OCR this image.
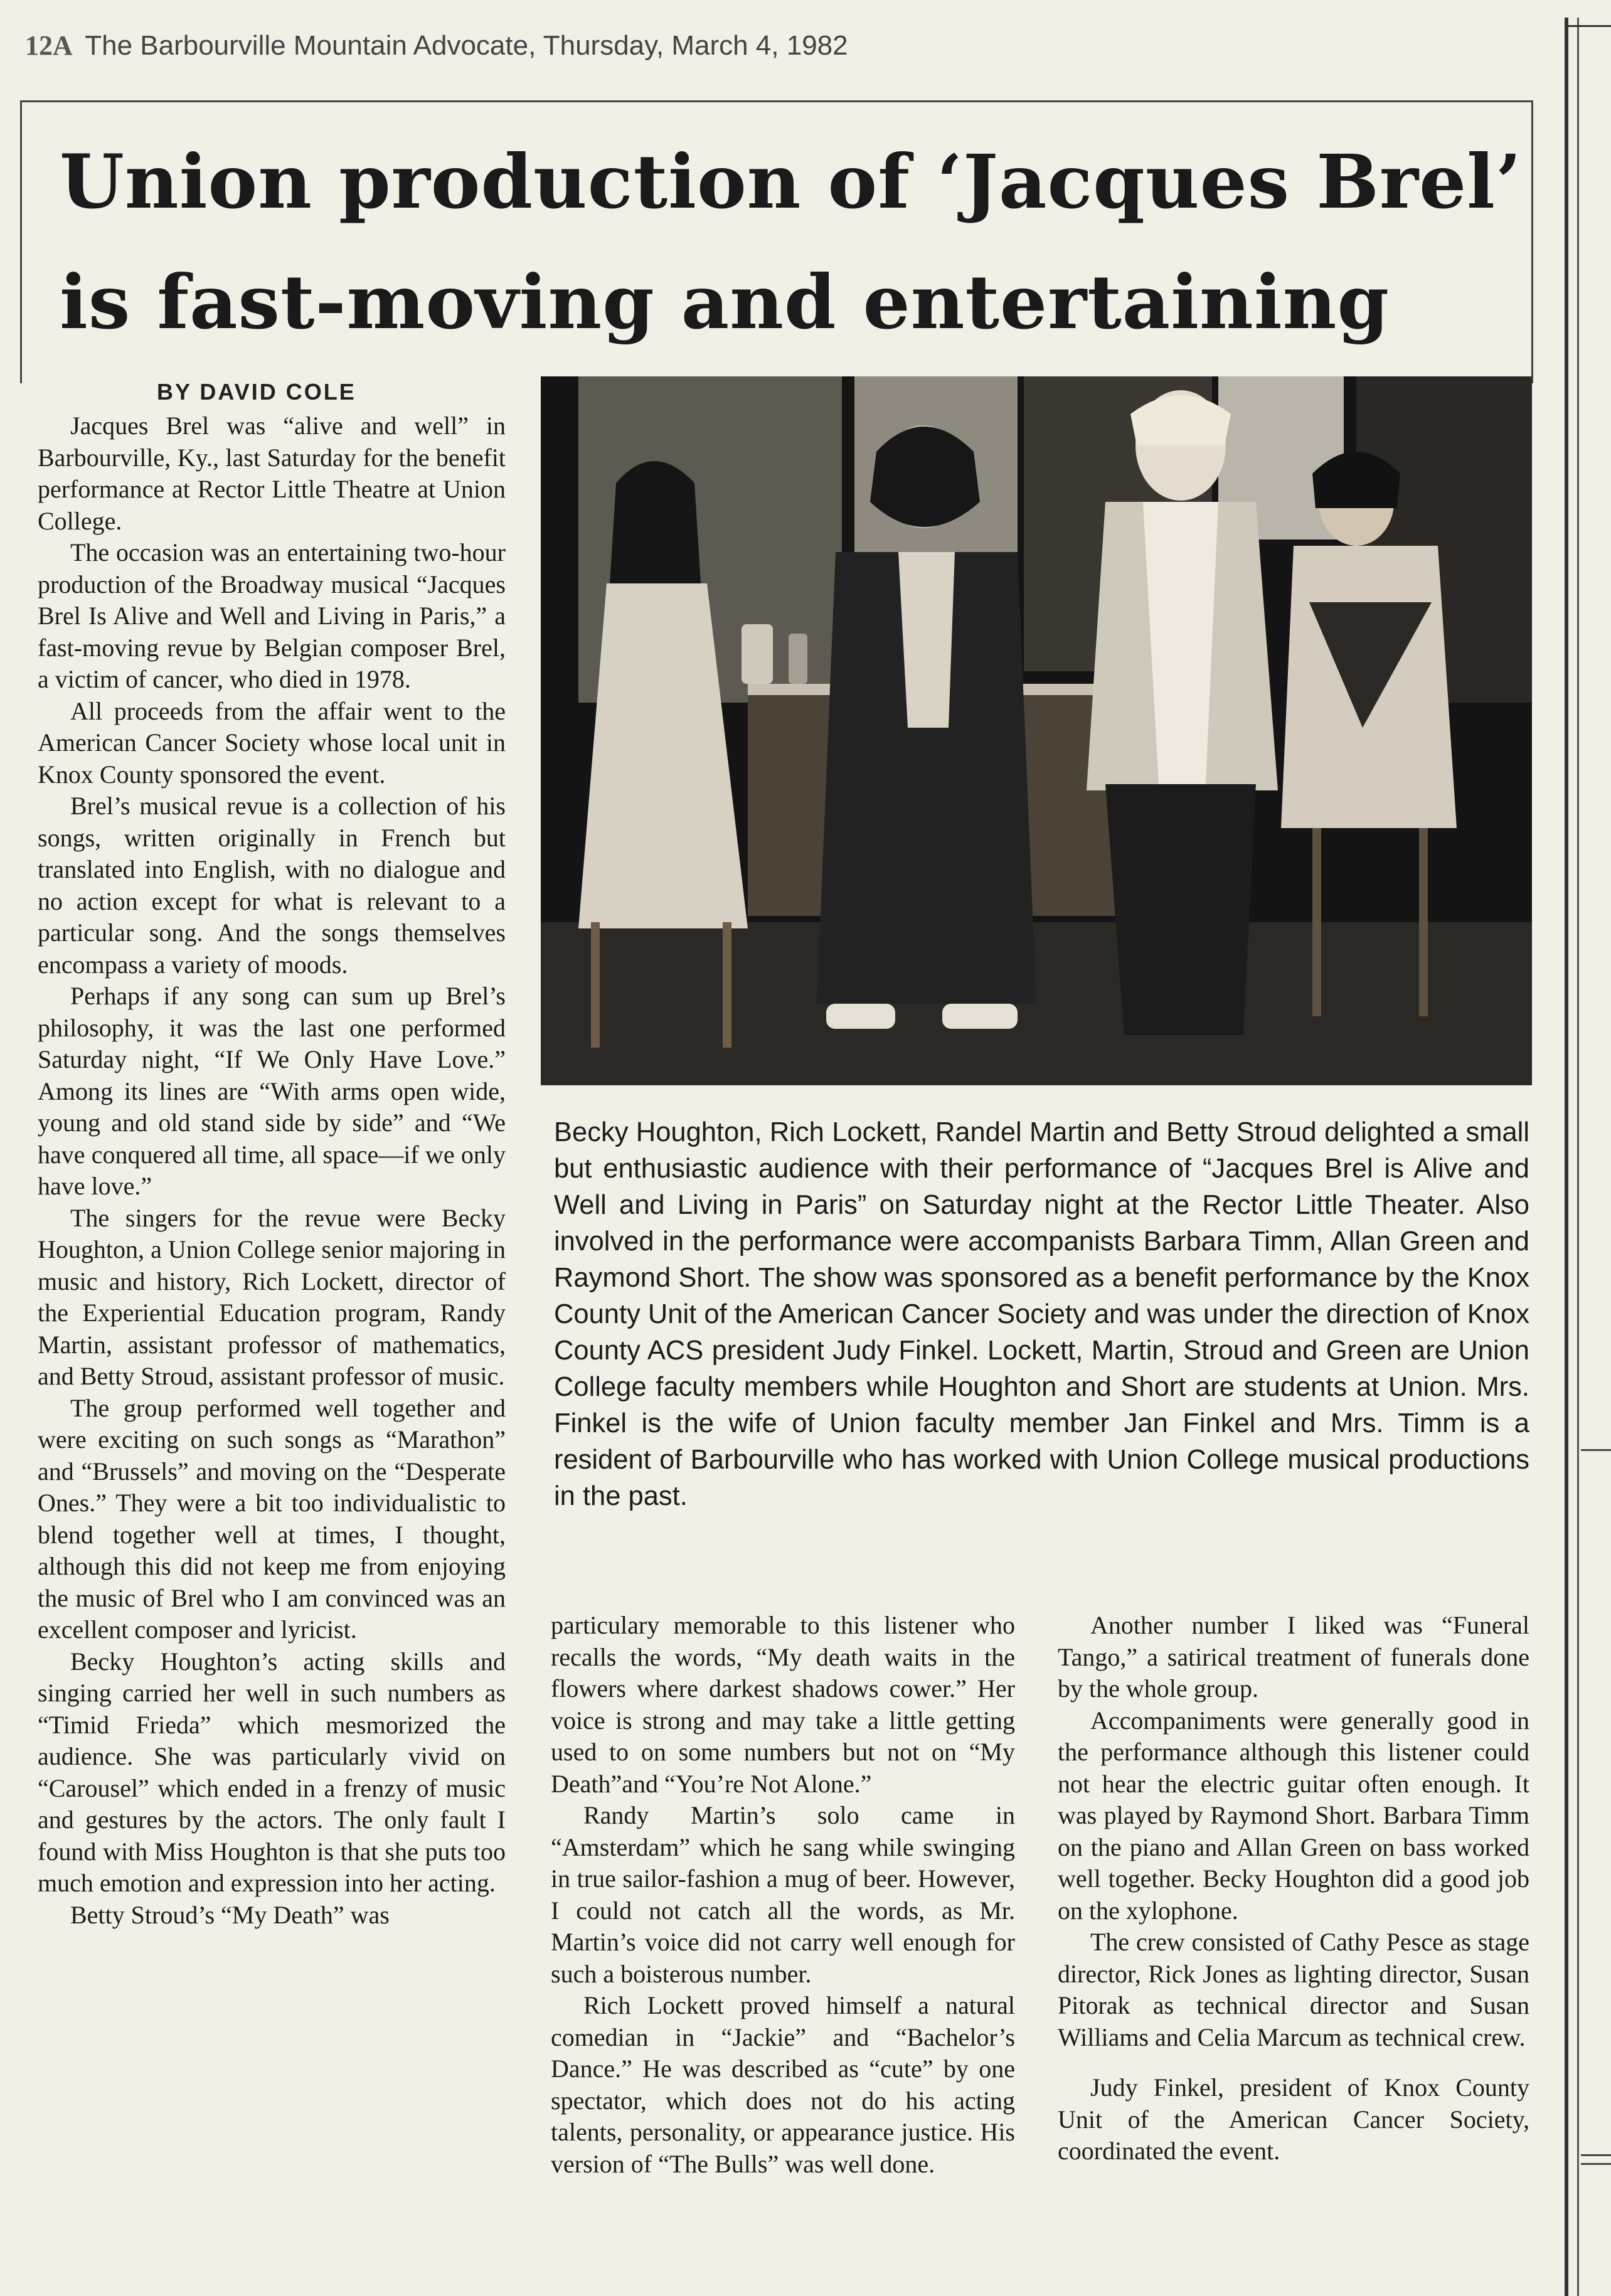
12A The Barbourville Mountain Advocate, Thursday, March 4, 1982
Union production of ‘Jacques Brel’
is fast-moving and entertaining
BY DAVID COLE

Jacques Brel was “alive and well” in Barbourville, Ky., last Saturday for the benefit performance at Rector Little Theatre at Union College.

The occasion was an entertaining two-hour production of the Broadway musical “Jacques Brel Is Alive and Well and Living in Paris,” a fast-moving revue by Belgian composer Brel, a victim of cancer, who died in 1978.

All proceeds from the affair went to the American Cancer Society whose local unit in Knox County sponsored the event.

Brel’s musical revue is a collection of his songs, written originally in French but translated into English, with no dialogue and no action except for what is relevant to a particular song. And the songs themselves encompass a variety of moods.

Perhaps if any song can sum up Brel’s philosophy, it was the last one performed Saturday night, “If We Only Have Love.” Among its lines are “With arms open wide, young and old stand side by side” and “We have conquered all time, all space—if we only have love.”

The singers for the revue were Becky Houghton, a Union College senior majoring in music and history, Rich Lockett, director of the Experiential Education program, Randy Martin, assistant professor of mathematics, and Betty Stroud, assistant professor of music.

The group performed well together and were exciting on such songs as “Marathon” and “Brussels” and moving on the “Desperate Ones.” They were a bit too individualistic to blend together well at times, I thought, although this did not keep me from enjoying the music of Brel who I am convinced was an excellent composer and lyricist.

Becky Houghton’s acting skills and singing carried her well in such numbers as “Timid Frieda” which mesmorized the audience. She was particularly vivid on “Carousel” which ended in a frenzy of music and gestures by the actors. The only fault I found with Miss Houghton is that she puts too much emotion and expression into her acting.

Betty Stroud’s “My Death” was

Becky Houghton, Rich Lockett, Randel Martin and Betty Stroud delighted a small but enthusiastic audience with their performance of “Jacques Brel is Alive and Well and Living in Paris” on Saturday night at the Rector Little Theater. Also involved in the performance were accompanists Barbara Timm, Allan Green and Raymond Short. The show was sponsored as a benefit performance by the Knox County Unit of the American Cancer Society and was under the direction of Knox County ACS president Judy Finkel. Lockett, Martin, Stroud and Green are Union College faculty members while Houghton and Short are students at Union. Mrs. Finkel is the wife of Union faculty member Jan Finkel and Mrs. Timm is a resident of Barbourville who has worked with Union College musical productions in the past.

particulary memorable to this listener who recalls the words, “My death waits in the flowers where darkest shadows cower.” Her voice is strong and may take a little getting used to on some numbers but not on “My Death”and “You’re Not Alone.”

Randy Martin’s solo came in “Amsterdam” which he sang while swinging in true sailor-fashion a mug of beer. However, I could not catch all the words, as Mr. Martin’s voice did not carry well enough for such a boisterous number.

Rich Lockett proved himself a natural comedian in “Jackie” and “Bachelor’s Dance.” He was described as “cute” by one spectator, which does not do his acting talents, personality, or appearance justice. His version of “The Bulls” was well done.

Another number I liked was “Funeral Tango,” a satirical treatment of funerals done by the whole group.

Accompaniments were generally good in the performance although this listener could not hear the electric guitar often enough. It was played by Raymond Short. Barbara Timm on the piano and Allan Green on bass worked well together. Becky Houghton did a good job on the xylophone.

The crew consisted of Cathy Pesce as stage director, Rick Jones as lighting director, Susan Pitorak as technical director and Susan Williams and Celia Marcum as technical crew.

Judy Finkel, president of Knox County Unit of the American Cancer Society, coordinated the event.
